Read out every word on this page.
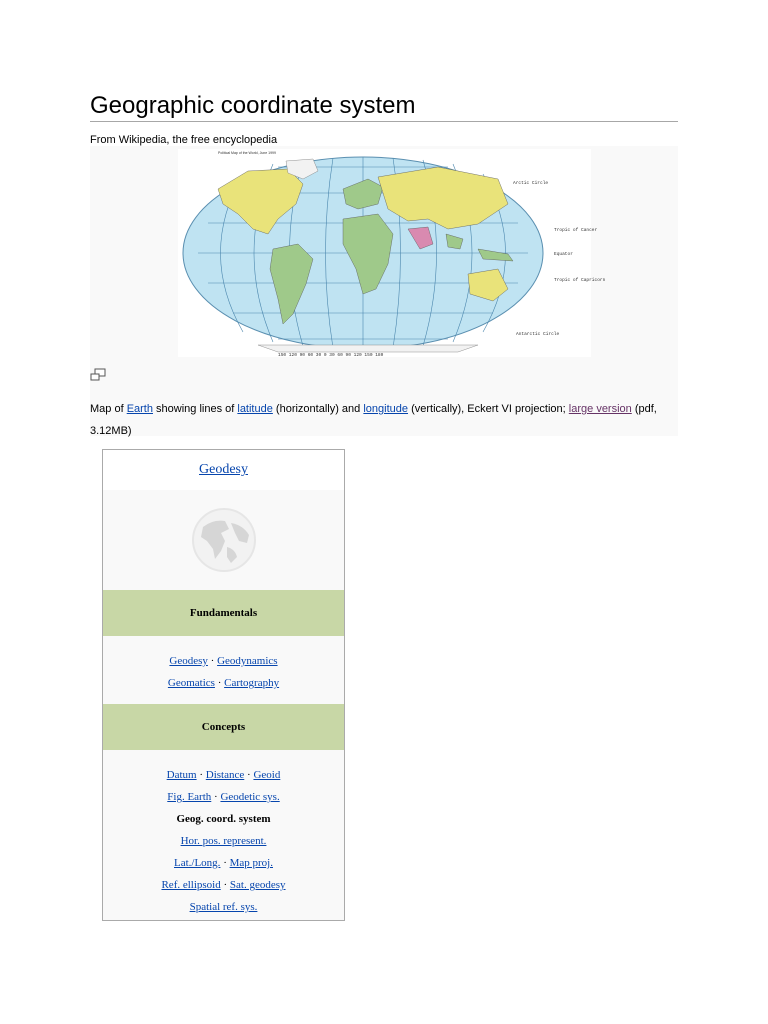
Geographic coordinate system
From Wikipedia, the free encyclopedia
Political Map of the World, June 1999
Arctic Circle
Tropic of Cancer
Equator
Tropic of Capricorn
Antarctic Circle
150 120 90 60 30 0 30 60 90 120 150 180
Map of Earth showing lines of latitude (horizontally) and longitude (vertically), Eckert VI projection; large version (pdf, 3.12MB)
Geodesy
Fundamentals
Geodesy · Geodynamics
Geomatics · Cartography
Concepts
Datum · Distance · Geoid
Fig. Earth · Geodetic sys.
Geog. coord. system
Hor. pos. represent.
Lat./Long. · Map proj.
Ref. ellipsoid · Sat. geodesy
Spatial ref. sys.
